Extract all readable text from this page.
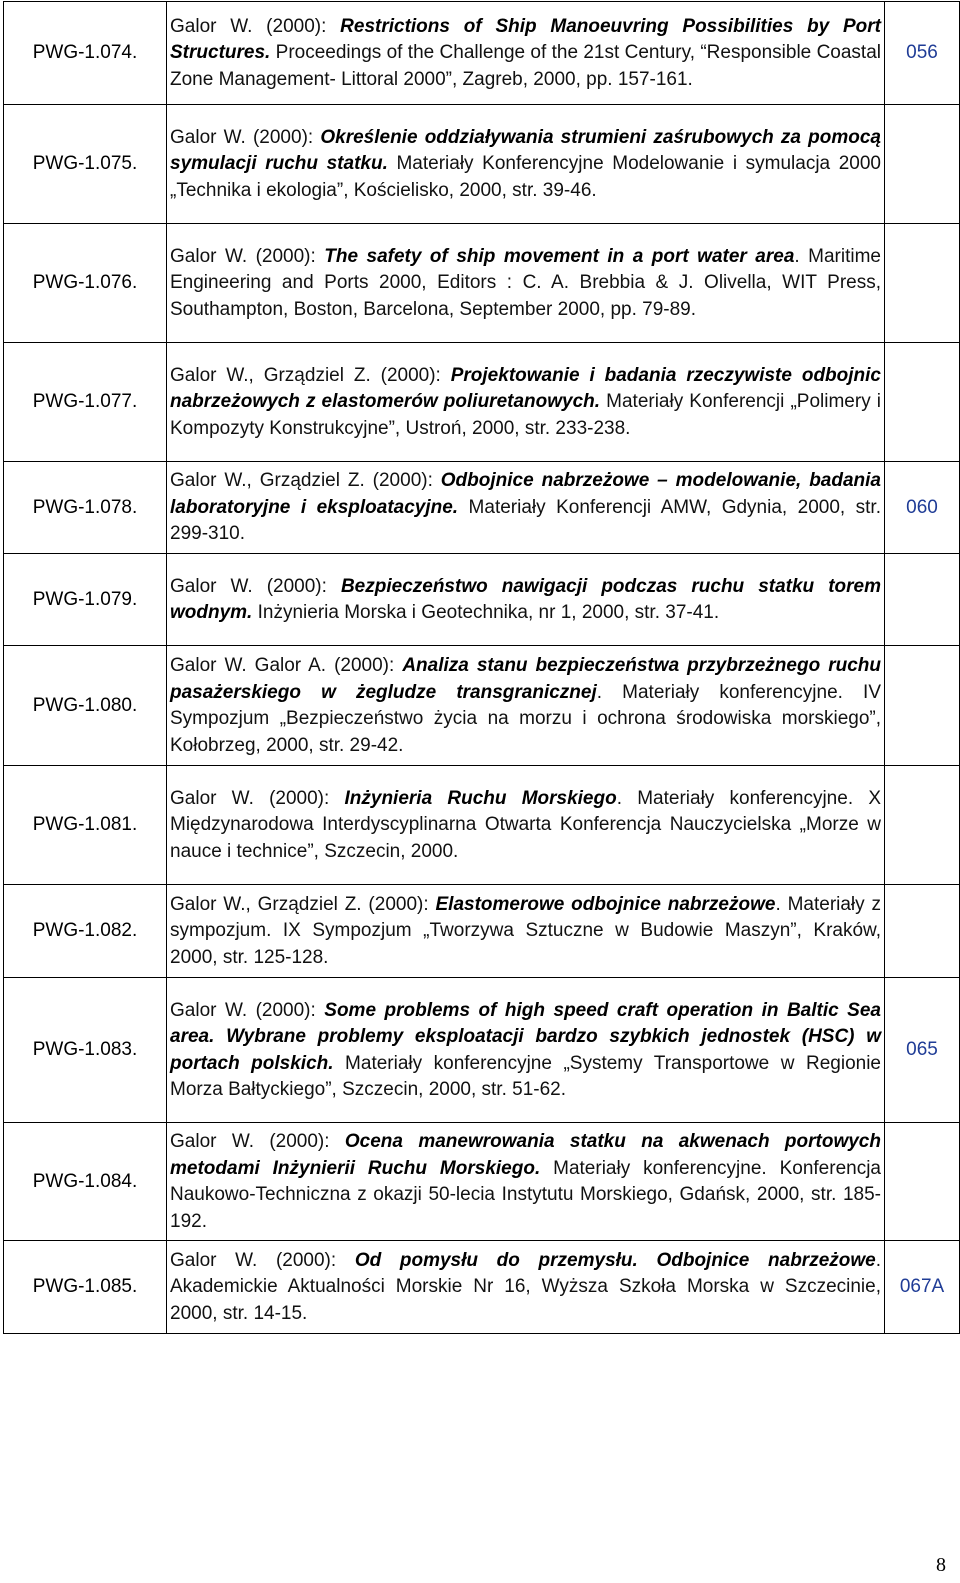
PWG-1.074.	Galor W. (2000): Restrictions of Ship Manoeuvring Possibilities by Port Structures. Proceedings of the Challenge of the 21st Century, “Responsible Coastal Zone Management- Littoral 2000”, Zagreb, 2000, pp. 157-161.	056
PWG-1.075.	Galor W. (2000): Określenie oddziaływania strumieni zaśrubowych za pomocą symulacji ruchu statku. Materiały Konferencyjne Modelowanie i symulacja 2000 „Technika i ekologia”, Kościelisko, 2000, str. 39-46.	
PWG-1.076.	Galor W. (2000): The safety of ship movement in a port water area. Maritime Engineering and Ports 2000, Editors : C. A. Brebbia & J. Olivella, WIT Press, Southampton, Boston, Barcelona, September 2000, pp. 79-89.	
PWG-1.077.	Galor W., Grządziel Z. (2000): Projektowanie i badania rzeczywiste odbojnic nabrzeżowych z elastomerów poliuretanowych. Materiały Konferencji „Polimery i Kompozyty Konstrukcyjne”, Ustroń, 2000, str. 233-238.	
PWG-1.078.	Galor W., Grządziel Z. (2000): Odbojnice nabrzeżowe – modelowanie, badania laboratoryjne i eksploatacyjne. Materiały Konferencji AMW, Gdynia, 2000, str. 299-310.	060
PWG-1.079.	Galor W. (2000): Bezpieczeństwo nawigacji podczas ruchu statku torem wodnym. Inżynieria Morska i Geotechnika, nr 1, 2000, str. 37-41.	
PWG-1.080.	Galor W. Galor A. (2000): Analiza stanu bezpieczeństwa przybrzeżnego ruchu pasażerskiego w żegludze transgranicznej. Materiały konferencyjne. IV Sympozjum „Bezpieczeństwo życia na morzu i ochrona środowiska morskiego”, Kołobrzeg, 2000, str. 29-42.	
PWG-1.081.	Galor W. (2000): Inżynieria Ruchu Morskiego. Materiały konferencyjne. X Międzynarodowa Interdyscyplinarna Otwarta Konferencja Nauczycielska „Morze w nauce i technice”, Szczecin, 2000.	
PWG-1.082.	Galor W., Grządziel Z. (2000): Elastomerowe odbojnice nabrzeżowe. Materiały z sympozjum. IX Sympozjum „Tworzywa Sztuczne w Budowie Maszyn”, Kraków, 2000, str. 125-128.	
PWG-1.083.	Galor W. (2000): Some problems of high speed craft operation in Baltic Sea area. Wybrane problemy eksploatacji bardzo szybkich jednostek (HSC) w portach polskich. Materiały konferencyjne „Systemy Transportowe w Regionie Morza Bałtyckiego”, Szczecin, 2000, str. 51-62.	065
PWG-1.084.	Galor W. (2000): Ocena manewrowania statku na akwenach portowych metodami Inżynierii Ruchu Morskiego. Materiały konferencyjne. Konferencja Naukowo-Techniczna z okazji 50-lecia Instytutu Morskiego, Gdańsk, 2000, str. 185-192.	
PWG-1.085.	Galor W. (2000): Od pomysłu do przemysłu. Odbojnice nabrzeżowe. Akademickie Aktualności Morskie Nr 16, Wyższa Szkoła Morska w Szczecinie, 2000, str. 14-15.	067A
8
